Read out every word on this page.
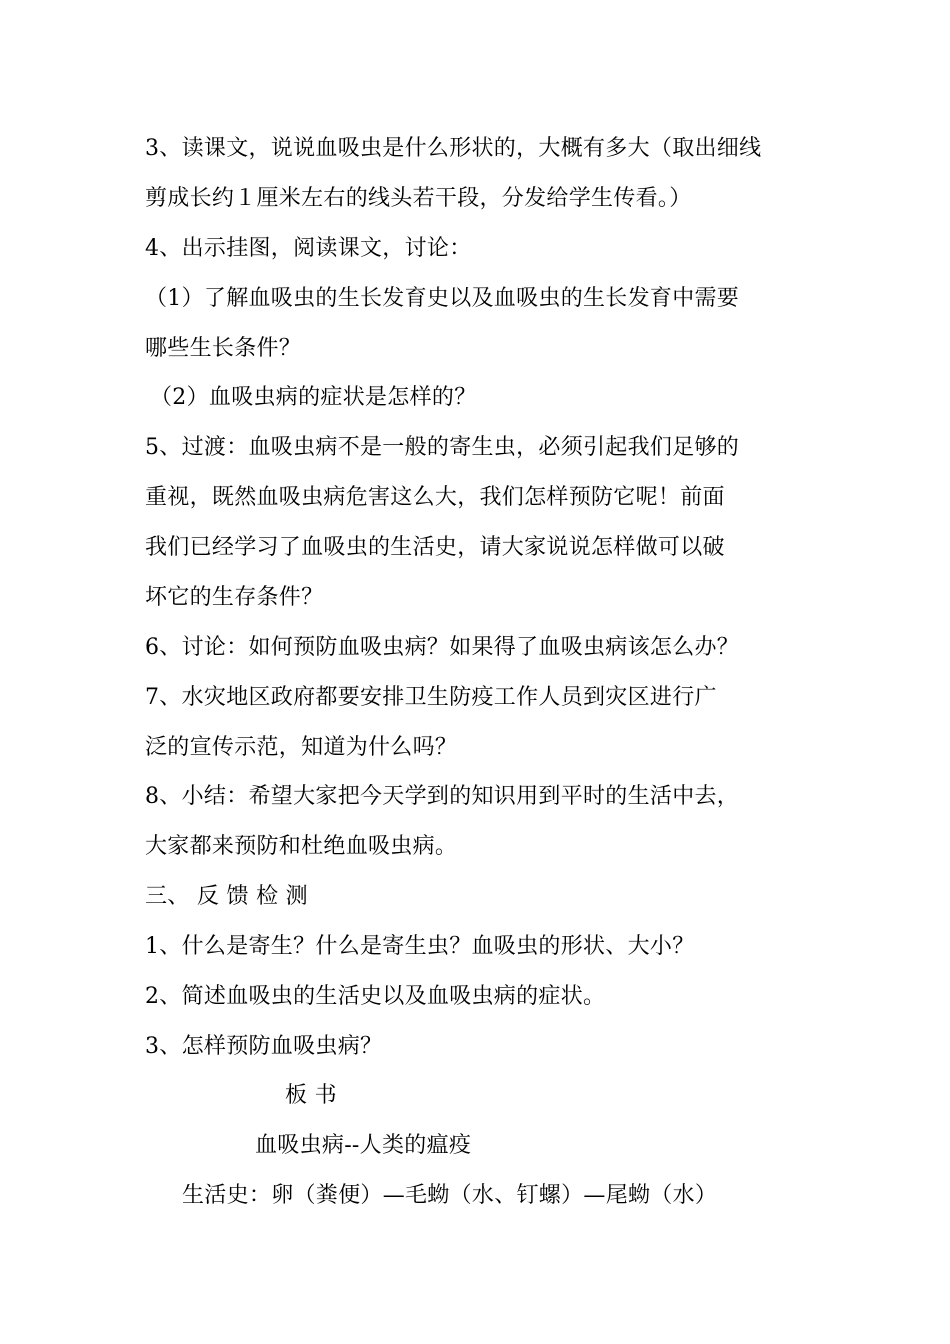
3、读课文，说说血吸虫是什么形状的，大概有多大（取出细线
剪成长约１厘米左右的线头若干段，分发给学生传看。）
4、出示挂图，阅读课文，讨论：
（1）了解血吸虫的生长发育史以及血吸虫的生长发育中需要
哪些生长条件？
（2）血吸虫病的症状是怎样的？
5、过渡：血吸虫病不是一般的寄生虫，必须引起我们足够的
重视，既然血吸虫病危害这么大，我们怎样预防它呢！前面
我们已经学习了血吸虫的生活史，请大家说说怎样做可以破
坏它的生存条件？
6、讨论：如何预防血吸虫病？如果得了血吸虫病该怎么办？
7、水灾地区政府都要安排卫生防疫工作人员到灾区进行广
泛的宣传示范，知道为什么吗？
8、小结：希望大家把今天学到的知识用到平时的生活中去，
大家都来预防和杜绝血吸虫病。
三、 反 馈 检 测
1、什么是寄生？什么是寄生虫？血吸虫的形状、大小？
2、简述血吸虫的生活史以及血吸虫病的症状。
3、怎样预防血吸虫病？
板 书
血吸虫病--人类的瘟疫
生活史：卵（粪便）—毛蚴（水、钉螺）—尾蚴（水）
